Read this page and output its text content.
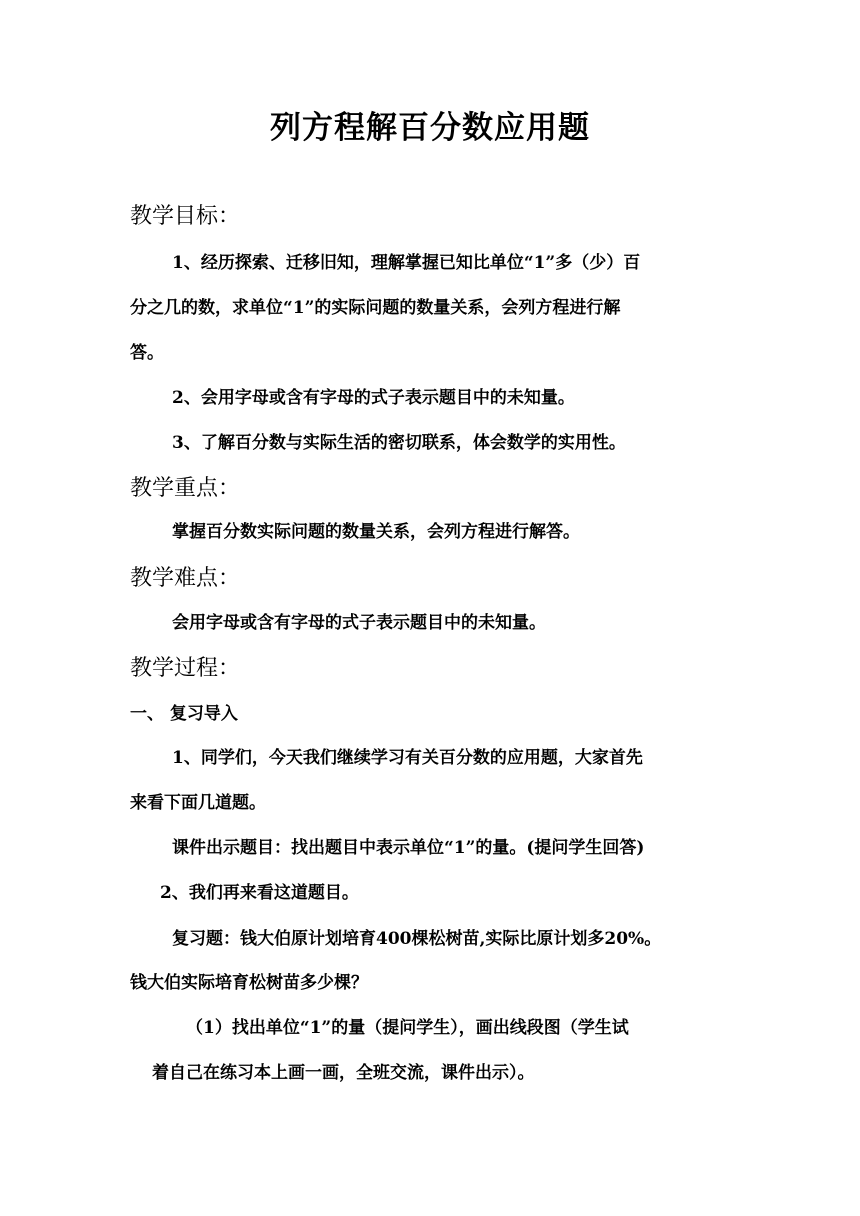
列方程解百分数应用题
教学目标：

1、经历探索、迁移旧知，理解掌握已知比单位“1”多（少）百

分之几的数，求单位“1”的实际问题的数量关系，会列方程进行解

答。

2、会用字母或含有字母的式子表示题目中的未知量。

3、了解百分数与实际生活的密切联系，体会数学的实用性。

教学重点：

掌握百分数实际问题的数量关系，会列方程进行解答。

教学难点：

会用字母或含有字母的式子表示题目中的未知量。

教学过程：

一、 复习导入

1、同学们，今天我们继续学习有关百分数的应用题，大家首先

来看下面几道题。

课件出示题目：找出题目中表示单位“1”的量。(提问学生回答)

2、我们再来看这道题目。

复习题：钱大伯原计划培育400棵松树苗,实际比原计划多20%。

钱大伯实际培育松树苗多少棵？

（1）找出单位“1”的量（提问学生），画出线段图（学生试

着自己在练习本上画一画，全班交流，课件出示）。
